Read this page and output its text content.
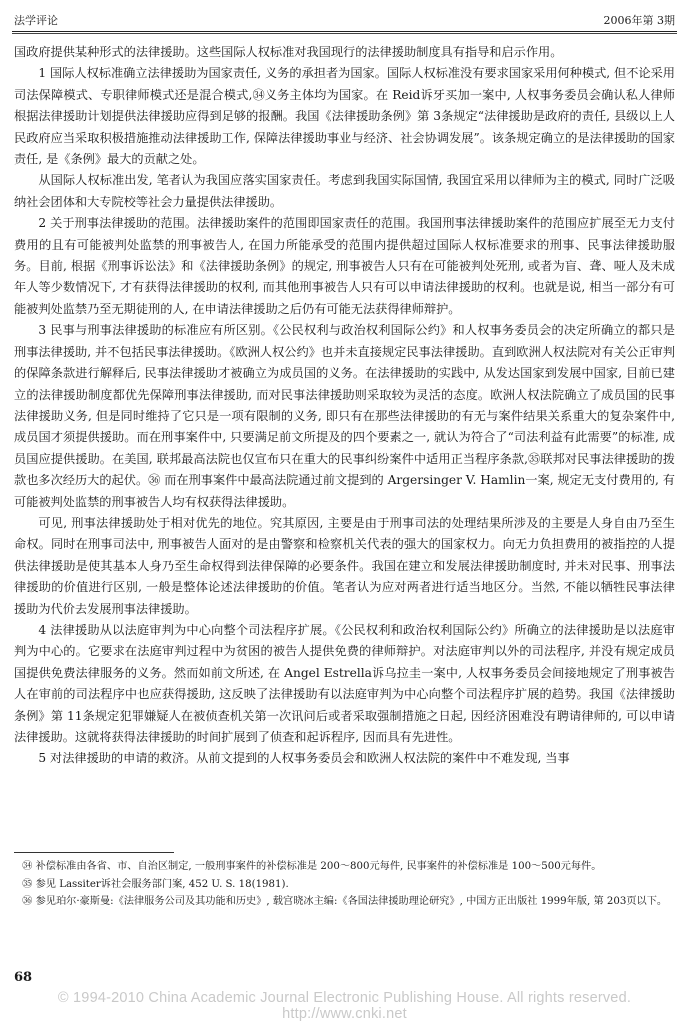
法学评论	2006年第 3期

国政府提供某种形式的法律援助。这些国际人权标准对我国现行的法律援助制度具有指导和启示作用。

1 国际人权标准确立法律援助为国家责任, 义务的承担者为国家。国际人权标准没有要求国家采用何种模式, 但不论采用司法保障模式、专职律师模式还是混合模式,㉞义务主体均为国家。在 Reid诉牙买加一案中, 人权事务委员会确认私人律师根据法律援助计划提供法律援助应得到足够的报酬。我国《法律援助条例》第 3条规定“法律援助是政府的责任, 县级以上人民政府应当采取积极措施推动法律援助工作, 保障法律援助事业与经济、社会协调发展”。该条规定确立的是法律援助的国家责任, 是《条例》最大的贡献之处。

从国际人权标准出发, 笔者认为我国应落实国家责任。考虑到我国实际国情, 我国宜采用以律师为主的模式, 同时广泛吸纳社会团体和大专院校等社会力量提供法律援助。

2 关于刑事法律援助的范围。法律援助案件的范围即国家责任的范围。我国刑事法律援助案件的范围应扩展至无力支付费用的且有可能被判处监禁的刑事被告人, 在国力所能承受的范围内提供超过国际人权标准要求的刑事、民事法律援助服务。目前, 根据《刑事诉讼法》和《法律援助条例》的规定, 刑事被告人只有在可能被判处死刑, 或者为盲、聋、哑人及未成年人等少数情况下, 才有获得法律援助的权利, 而其他刑事被告人只有可以申请法律援助的权利。也就是说, 相当一部分有可能被判处监禁乃至无期徒刑的人, 在申请法律援助之后仍有可能无法获得律师辩护。

3 民事与刑事法律援助的标准应有所区别。《公民权利与政治权利国际公约》和人权事务委员会的决定所确立的都只是刑事法律援助, 并不包括民事法律援助。《欧洲人权公约》也并未直接规定民事法律援助。直到欧洲人权法院对有关公正审判的保障条款进行解释后, 民事法律援助才被确立为成员国的义务。在法律援助的实践中, 从发达国家到发展中国家, 目前已建立的法律援助制度都优先保障刑事法律援助, 而对民事法律援助则采取较为灵活的态度。欧洲人权法院确立了成员国的民事法律援助义务, 但是同时维持了它只是一项有限制的义务, 即只有在那些法律援助的有无与案件结果关系重大的复杂案件中, 成员国才须提供援助。而在刑事案件中, 只要满足前文所提及的四个要素之一, 就认为符合了“司法利益有此需要”的标准, 成员国应提供援助。在美国, 联邦最高法院也仅宣布只在重大的民事纠纷案件中适用正当程序条款,㉟联邦对民事法律援助的拨款也多次经历大的起伏。㊱ 而在刑事案件中最高法院通过前文提到的 Argersinger V. Hamlin一案, 规定无支付费用的, 有可能被判处监禁的刑事被告人均有权获得法律援助。

可见, 刑事法律援助处于相对优先的地位。究其原因, 主要是由于刑事司法的处理结果所涉及的主要是人身自由乃至生命权。同时在刑事司法中, 刑事被告人面对的是由警察和检察机关代表的强大的国家权力。向无力负担费用的被指控的人提供法律援助是使其基本人身乃至生命权得到法律保障的必要条件。我国在建立和发展法律援助制度时, 并未对民事、刑事法律援助的价值进行区别, 一般是整体论述法律援助的价值。笔者认为应对两者进行适当地区分。当然, 不能以牺牲民事法律援助为代价去发展刑事法律援助。

4 法律援助从以法庭审判为中心向整个司法程序扩展。《公民权利和政治权利国际公约》所确立的法律援助是以法庭审判为中心的。它要求在法庭审判过程中为贫困的被告人提供免费的律师辩护。对法庭审判以外的司法程序, 并没有规定成员国提供免费法律服务的义务。然而如前文所述, 在 Angel Estrella诉乌拉圭一案中, 人权事务委员会间接地规定了刑事被告人在审前的司法程序中也应获得援助, 这反映了法律援助有以法庭审判为中心向整个司法程序扩展的趋势。我国《法律援助条例》第 11条规定犯罪嫌疑人在被侦查机关第一次讯问后或者采取强制措施之日起, 因经济困难没有聘请律师的, 可以申请法律援助。这就将获得法律援助的时间扩展到了侦查和起诉程序, 因而具有先进性。

5 对法律援助的申请的救济。从前文提到的人权事务委员会和欧洲人权法院的案件中不难发现, 当事

㉞ 补偿标准由各省、市、自治区制定, 一般刑事案件的补偿标准是 200～800元每件, 民事案件的补偿标准是 100～500元每件。

㉟ 参见 Lassiter诉社会服务部门案, 452 U. S. 18(1981).

㊱ 参见珀尔·豪斯曼:《法律服务公司及其功能和历史》, 载宫晓冰主编:《各国法律援助理论研究》, 中国方正出版社 1999年版, 第 203页以下。

68
© 1994-2010 China Academic Journal Electronic Publishing House. All rights reserved. http://www.cnki.net
